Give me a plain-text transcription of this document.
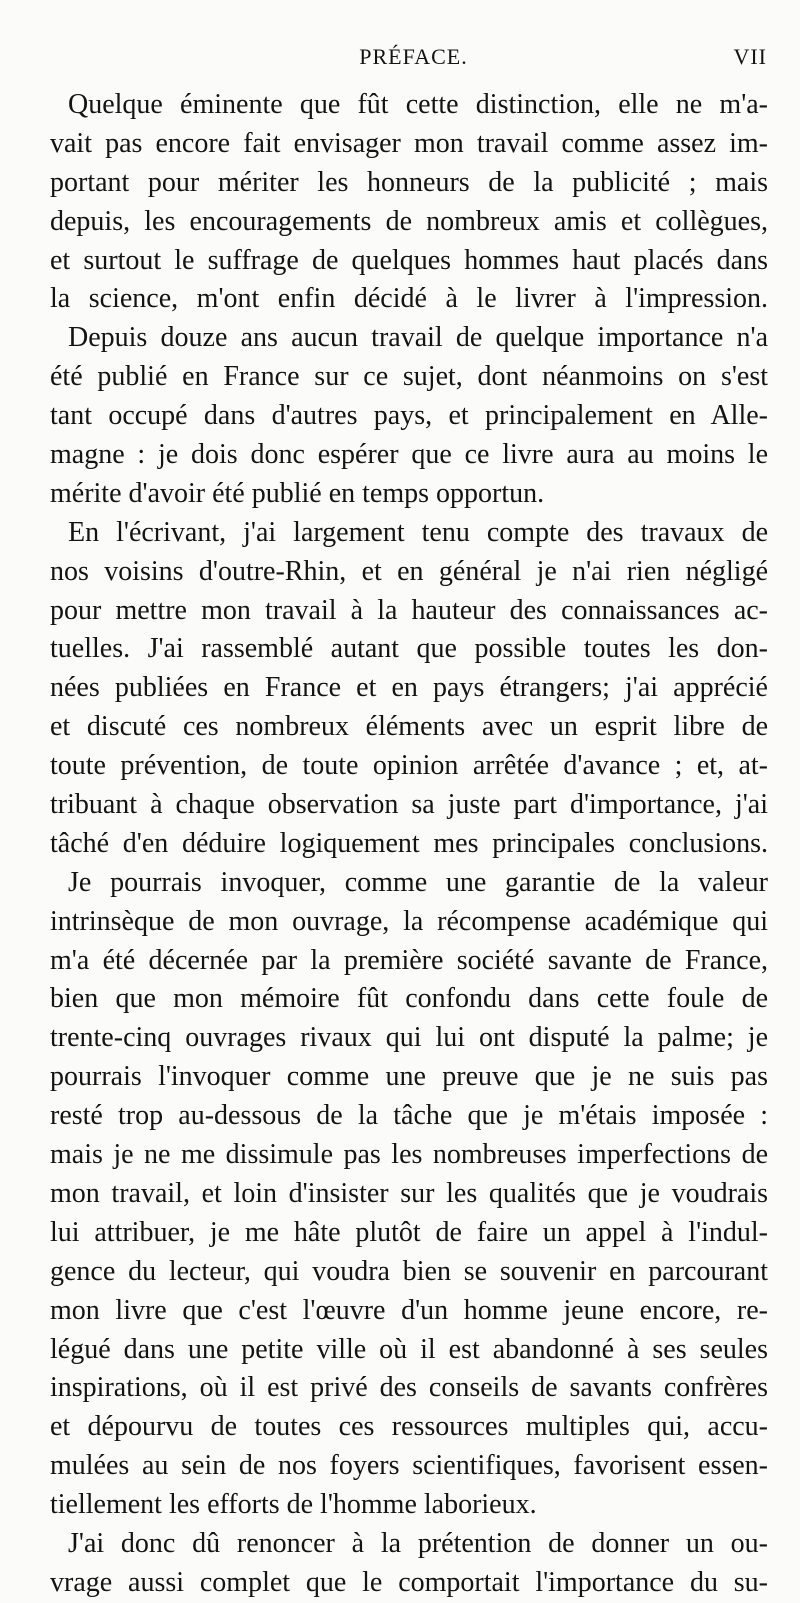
PRÉFACE.	VII
Quelque éminente que fût cette distinction, elle ne m'a-
vait pas encore fait envisager mon travail comme assez im-
portant pour mériter les honneurs de la publicité ; mais
depuis, les encouragements de nombreux amis et collègues,
et surtout le suffrage de quelques hommes haut placés dans
la science, m'ont enfin décidé à le livrer à l'impression.
Depuis douze ans aucun travail de quelque importance n'a
été publié en France sur ce sujet, dont néanmoins on s'est
tant occupé dans d'autres pays, et principalement en Alle-
magne : je dois donc espérer que ce livre aura au moins le
mérite d'avoir été publié en temps opportun.
En l'écrivant, j'ai largement tenu compte des travaux de
nos voisins d'outre-Rhin, et en général je n'ai rien négligé
pour mettre mon travail à la hauteur des connaissances ac-
tuelles. J'ai rassemblé autant que possible toutes les don-
nées publiées en France et en pays étrangers; j'ai apprécié
et discuté ces nombreux éléments avec un esprit libre de
toute prévention, de toute opinion arrêtée d'avance ; et, at-
tribuant à chaque observation sa juste part d'importance, j'ai
tâché d'en déduire logiquement mes principales conclusions.
Je pourrais invoquer, comme une garantie de la valeur
intrinsèque de mon ouvrage, la récompense académique qui
m'a été décernée par la première société savante de France,
bien que mon mémoire fût confondu dans cette foule de
trente-cinq ouvrages rivaux qui lui ont disputé la palme; je
pourrais l'invoquer comme une preuve que je ne suis pas
resté trop au-dessous de la tâche que je m'étais imposée :
mais je ne me dissimule pas les nombreuses imperfections de
mon travail, et loin d'insister sur les qualités que je voudrais
lui attribuer, je me hâte plutôt de faire un appel à l'indul-
gence du lecteur, qui voudra bien se souvenir en parcourant
mon livre que c'est l'œuvre d'un homme jeune encore, re-
légué dans une petite ville où il est abandonné à ses seules
inspirations, où il est privé des conseils de savants confrères
et dépourvu de toutes ces ressources multiples qui, accu-
mulées au sein de nos foyers scientifiques, favorisent essen-
tiellement les efforts de l'homme laborieux.
J'ai donc dû renoncer à la prétention de donner un ou-
vrage aussi complet que le comportait l'importance du su-
